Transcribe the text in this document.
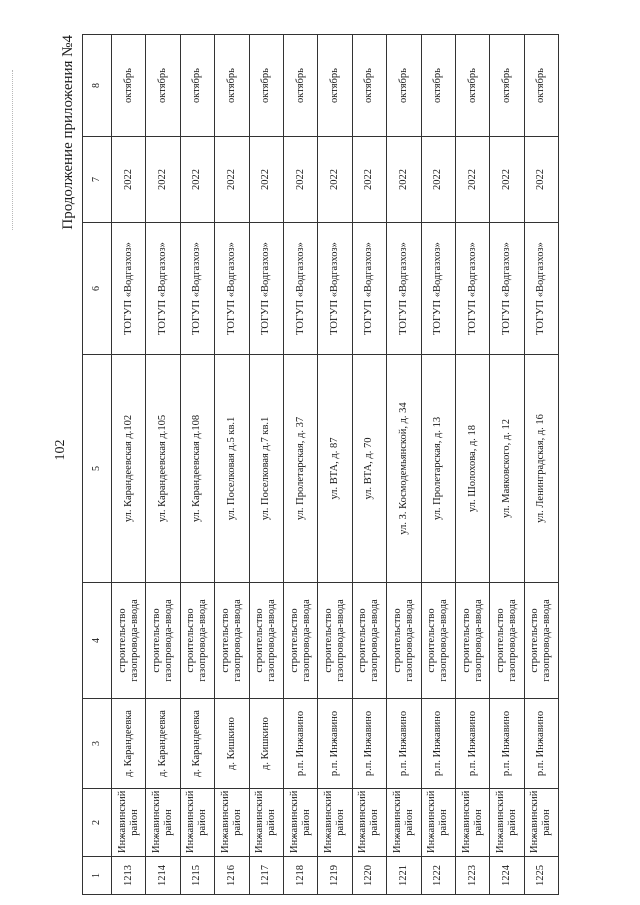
102
Продолжение приложения №4
1	2	3	4	5	6	7	8
1213	Инжавинский район	д. Карандеевка	строительство газопровода-ввода	ул. Карандеевская д.102	ТОГУП «Водгазхоз»	2022	октябрь
1214	Инжавинский район	д. Карандеевка	строительство газопровода-ввода	ул. Карандеевская д.105	ТОГУП «Водгазхоз»	2022	октябрь
1215	Инжавинский район	д. Карандеевка	строительство газопровода-ввода	ул. Карандеевская д.108	ТОГУП «Водгазхоз»	2022	октябрь
1216	Инжавинский район	д. Кишкино	строительство газопровода-ввода	ул. Поселковая д.5 кв.1	ТОГУП «Водгазхоз»	2022	октябрь
1217	Инжавинский район	д. Кишкино	строительство газопровода-ввода	ул. Поселковая д.7 кв.1	ТОГУП «Водгазхоз»	2022	октябрь
1218	Инжавинский район	р.п. Инжавино	строительство газопровода-ввода	ул. Пролетарская, д. 37	ТОГУП «Водгазхоз»	2022	октябрь
1219	Инжавинский район	р.п. Инжавино	строительство газопровода-ввода	ул. ВТА, д. 87	ТОГУП «Водгазхоз»	2022	октябрь
1220	Инжавинский район	р.п. Инжавино	строительство газопровода-ввода	ул. ВТА, д. 70	ТОГУП «Водгазхоз»	2022	октябрь
1221	Инжавинский район	р.п. Инжавино	строительство газопровода-ввода	ул. З. Космодемьянской, д. 34	ТОГУП «Водгазхоз»	2022	октябрь
1222	Инжавинский район	р.п. Инжавино	строительство газопровода-ввода	ул. Пролетарская, д. 13	ТОГУП «Водгазхоз»	2022	октябрь
1223	Инжавинский район	р.п. Инжавино	строительство газопровода-ввода	ул. Шолохова, д. 18	ТОГУП «Водгазхоз»	2022	октябрь
1224	Инжавинский район	р.п. Инжавино	строительство газопровода-ввода	ул. Маяковского, д. 12	ТОГУП «Водгазхоз»	2022	октябрь
1225	Инжавинский район	р.п. Инжавино	строительство газопровода-ввода	ул. Ленинградская, д. 16	ТОГУП «Водгазхоз»	2022	октябрь
